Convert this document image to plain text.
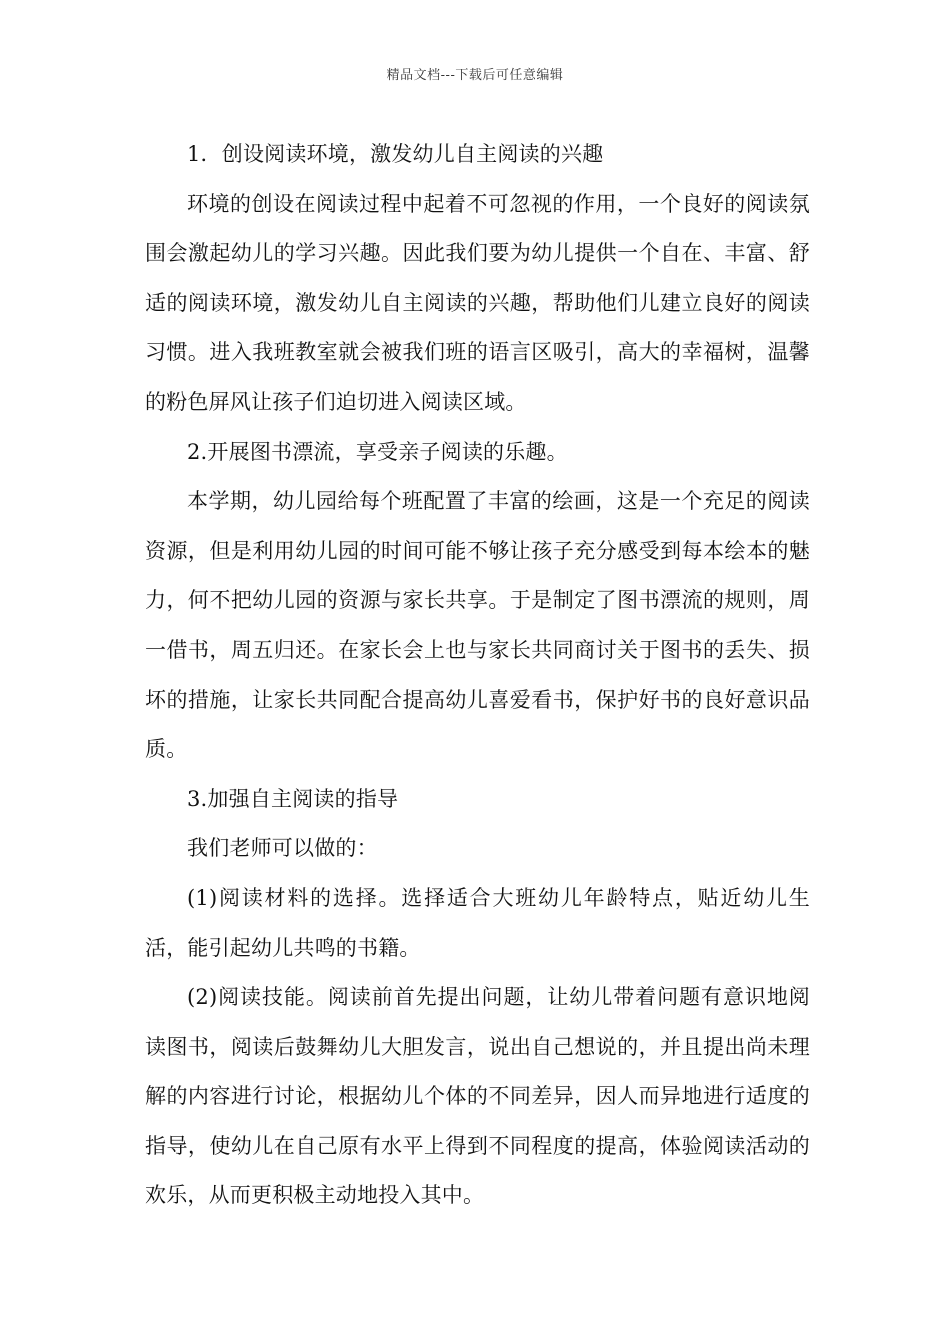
精品文档---下载后可任意编辑

1．创设阅读环境，激发幼儿自主阅读的兴趣

环境的创设在阅读过程中起着不可忽视的作用，一个良好的阅读氛围会激起幼儿的学习兴趣。因此我们要为幼儿提供一个自在、丰富、舒适的阅读环境，激发幼儿自主阅读的兴趣，帮助他们儿建立良好的阅读习惯。进入我班教室就会被我们班的语言区吸引，高大的幸福树，温馨的粉色屏风让孩子们迫切进入阅读区域。

2.开展图书漂流，享受亲子阅读的乐趣。

本学期，幼儿园给每个班配置了丰富的绘画，这是一个充足的阅读资源，但是利用幼儿园的时间可能不够让孩子充分感受到每本绘本的魅力，何不把幼儿园的资源与家长共享。于是制定了图书漂流的规则，周一借书，周五归还。在家长会上也与家长共同商讨关于图书的丢失、损坏的措施，让家长共同配合提高幼儿喜爱看书，保护好书的良好意识品质。

3.加强自主阅读的指导

我们老师可以做的：

(1)阅读材料的选择。选择适合大班幼儿年龄特点，贴近幼儿生活，能引起幼儿共鸣的书籍。

(2)阅读技能。阅读前首先提出问题，让幼儿带着问题有意识地阅读图书，阅读后鼓舞幼儿大胆发言，说出自己想说的，并且提出尚未理解的内容进行讨论，根据幼儿个体的不同差异，因人而异地进行适度的指导，使幼儿在自己原有水平上得到不同程度的提高，体验阅读活动的欢乐，从而更积极主动地投入其中。
